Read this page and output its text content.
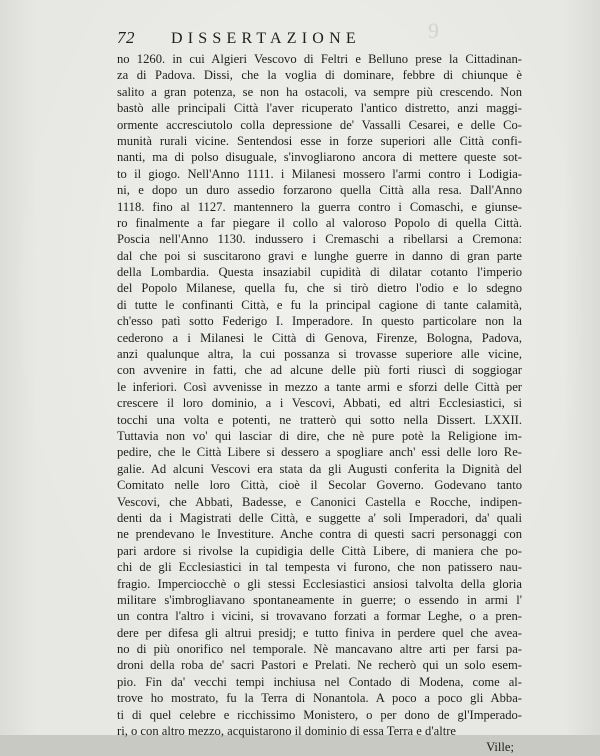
9
72	DISSERTAZIONE
no 1260. in cui Algieri Vescovo di Feltri e Belluno prese la Cittadinan-
za di Padova. Dissi, che la voglia di dominare, febbre di chiunque è
salito a gran potenza, se non ha ostacoli, va sempre più crescendo. Non
bastò alle principali Città l'aver ricuperato l'antico distretto, anzi maggi-
ormente accresciutolo colla depressione de' Vassalli Cesarei, e delle Co-
munità rurali vicine. Sentendosi esse in forze superiori alle Città confi-
nanti, ma di polso disuguale, s'invogliarono ancora di mettere queste sot-
to il giogo. Nell'Anno 1111. i Milanesi mossero l'armi contro i Lodigia-
ni, e dopo un duro assedio forzarono quella Città alla resa. Dall'Anno
1118. fino al 1127. mantennero la guerra contro i Comaschi, e giunse-
ro finalmente a far piegare il collo al valoroso Popolo di quella Città.
Poscia nell'Anno 1130. indussero i Cremaschi a ribellarsi a Cremona:
dal che poi si suscitarono gravi e lunghe guerre in danno di gran parte
della Lombardia. Questa insaziabil cupidità di dilatar cotanto l'imperio
del Popolo Milanese, quella fu, che si tirò dietro l'odio e lo sdegno
di tutte le confinanti Città, e fu la principal cagione di tante calamità,
ch'esso patì sotto Federigo I. Imperadore. In questo particolare non la
cederono a i Milanesi le Città di Genova, Firenze, Bologna, Padova,
anzi qualunque altra, la cui possanza si trovasse superiore alle vicine,
con avvenire in fatti, che ad alcune delle più forti riuscì di soggiogar
le inferiori. Così avvenisse in mezzo a tante armi e sforzi delle Città per
crescere il loro dominio, a i Vescovi, Abbati, ed altri Ecclesiastici, si
tocchi una volta e potenti, ne tratterò qui sotto nella Dissert. LXXII.
Tuttavia non vo' qui lasciar di dire, che nè pure potè la Religione im-
pedire, che le Città Libere si dessero a spogliare anch' essi delle loro Re-
galie. Ad alcuni Vescovi era stata da gli Augusti conferita la Dignità del
Comitato nelle loro Città, cioè il Secolar Governo. Godevano tanto
Vescovi, che Abbati, Badesse, e Canonici Castella e Rocche, indipen-
denti da i Magistrati delle Città, e suggette a' soli Imperadori, da' quali
ne prendevano le Investiture. Anche contra di questi sacri personaggi con
pari ardore si rivolse la cupidigia delle Città Libere, di maniera che po-
chi de gli Ecclesiastici in tal tempesta vi furono, che non patissero nau-
fragio. Imperciocchè o gli stessi Ecclesiastici ansiosi talvolta della gloria
militare s'imbrogliavano spontaneamente in guerre; o essendo in armi l'
un contra l'altro i vicini, si trovavano forzati a formar Leghe, o a pren-
dere per difesa gli altrui presidj; e tutto finiva in perdere quel che avea-
no di più onorifico nel temporale. Nè mancavano altre arti per farsi pa-
droni della roba de' sacri Pastori e Prelati. Ne recherò qui un solo esem-
pio. Fin da' vecchi tempi inchiusa nel Contado di Modena, come al-
trove ho mostrato, fu la Terra di Nonantola. A poco a poco gli Abba-
ti di quel celebre e ricchissimo Monistero, o per dono de gl'Imperado-
ri, o con altro mezzo, acquistarono il dominio di essa Terra e d'altre
Ville;
